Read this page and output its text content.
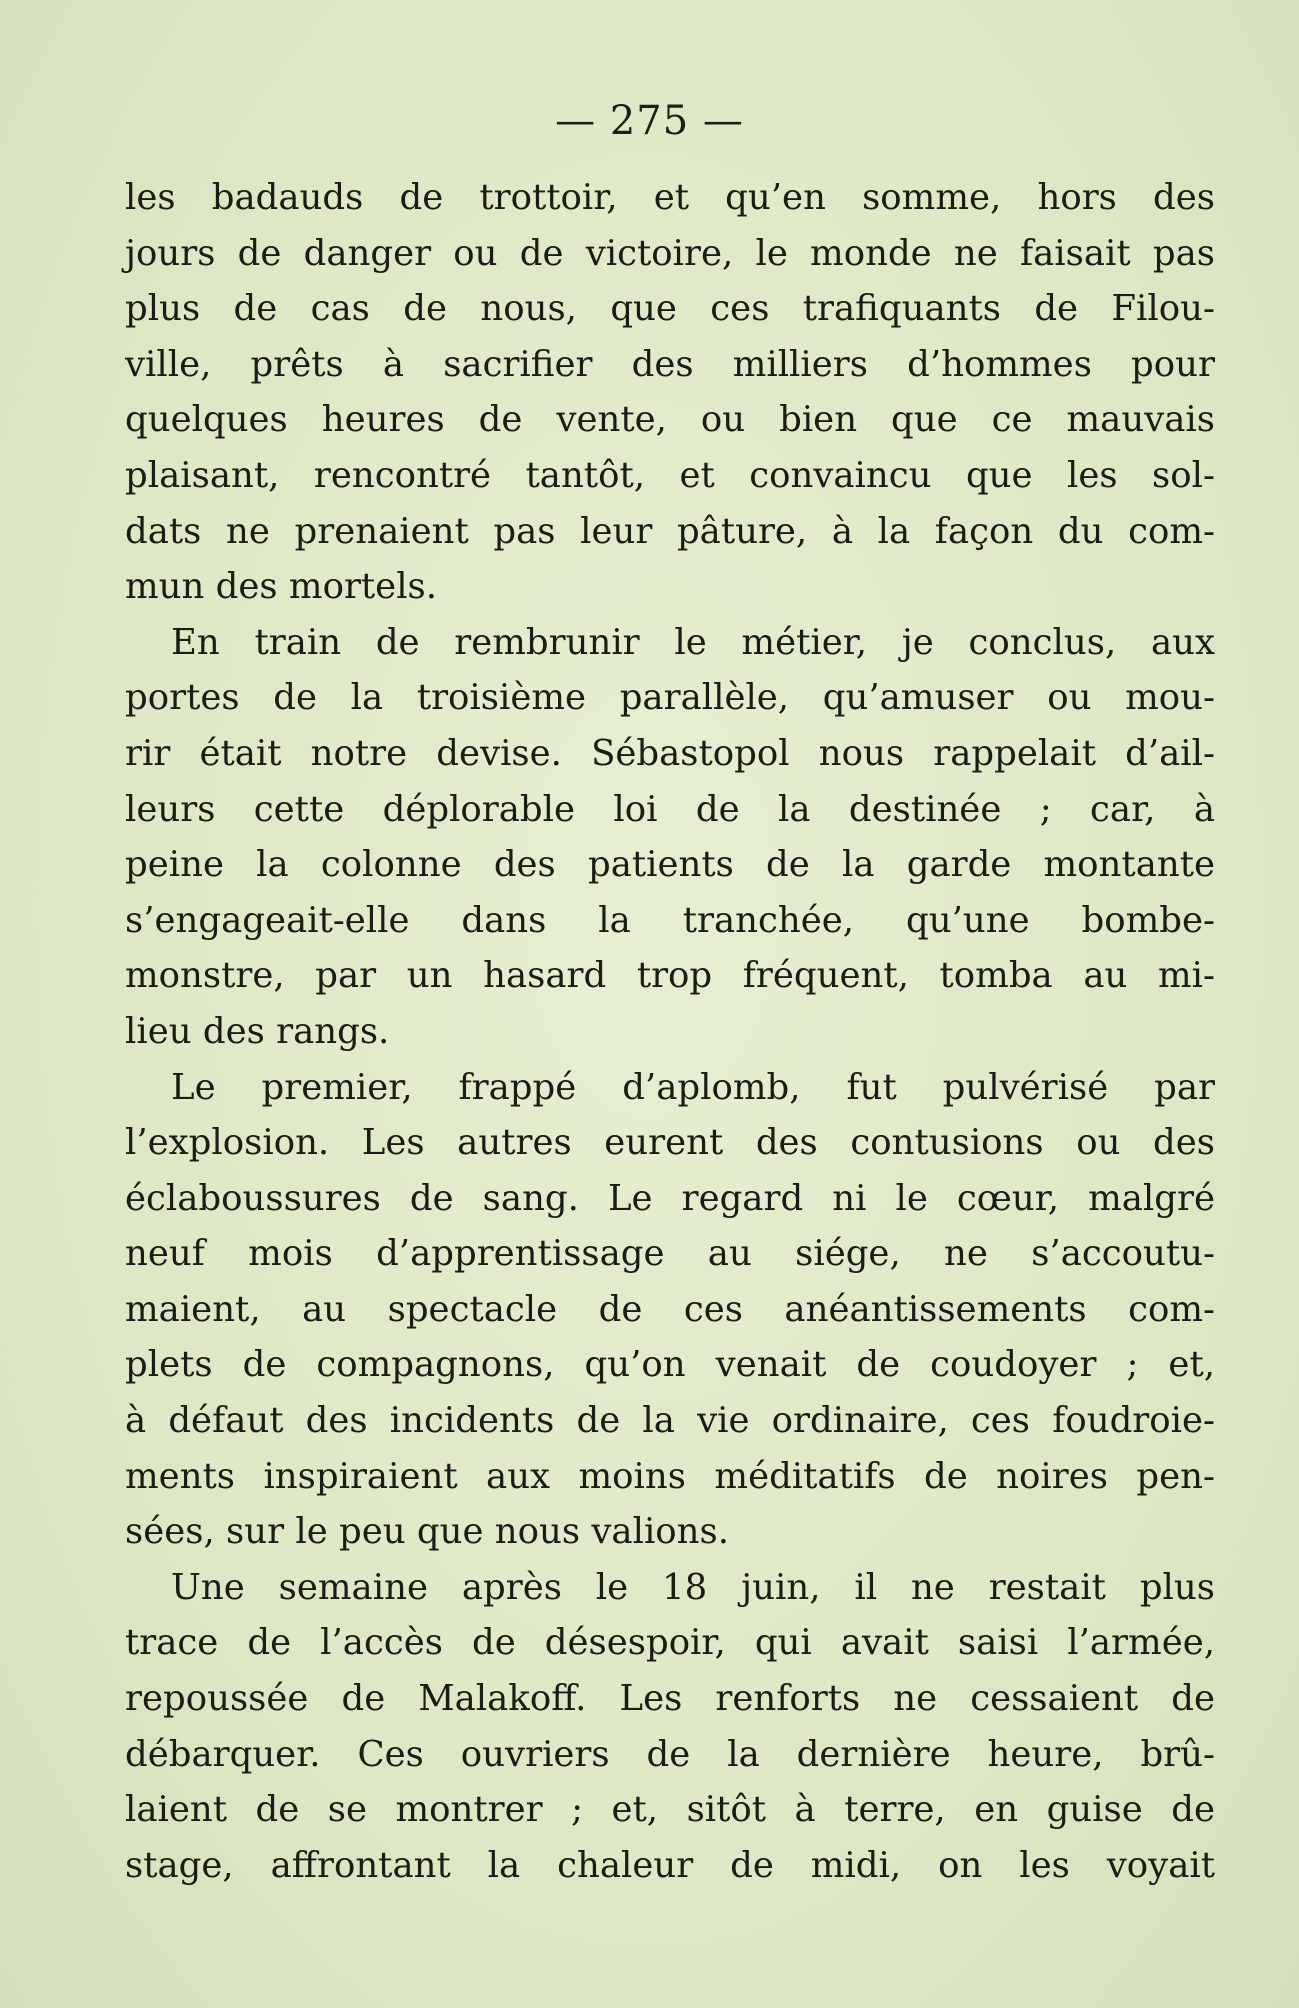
— 275 —
les badauds de trottoir, et qu’en somme, hors des
jours de danger ou de victoire, le monde ne faisait pas
plus de cas de nous, que ces trafiquants de Filou-
ville, prêts à sacrifier des milliers d’hommes pour
quelques heures de vente, ou bien que ce mauvais
plaisant, rencontré tantôt, et convaincu que les sol-
dats ne prenaient pas leur pâture, à la façon du com-
mun des mortels.
En train de rembrunir le métier, je conclus, aux
portes de la troisième parallèle, qu’amuser ou mou-
rir était notre devise. Sébastopol nous rappelait d’ail-
leurs cette déplorable loi de la destinée ; car, à
peine la colonne des patients de la garde montante
s’engageait-elle dans la tranchée, qu’une bombe-
monstre, par un hasard trop fréquent, tomba au mi-
lieu des rangs.
Le premier, frappé d’aplomb, fut pulvérisé par
l’explosion. Les autres eurent des contusions ou des
éclaboussures de sang. Le regard ni le cœur, malgré
neuf mois d’apprentissage au siége, ne s’accoutu-
maient, au spectacle de ces anéantissements com-
plets de compagnons, qu’on venait de coudoyer ; et,
à défaut des incidents de la vie ordinaire, ces foudroie-
ments inspiraient aux moins méditatifs de noires pen-
sées, sur le peu que nous valions.
Une semaine après le 18 juin, il ne restait plus
trace de l’accès de désespoir, qui avait saisi l’armée,
repoussée de Malakoff. Les renforts ne cessaient de
débarquer. Ces ouvriers de la dernière heure, brû-
laient de se montrer ; et, sitôt à terre, en guise de
stage, affrontant la chaleur de midi, on les voyait
